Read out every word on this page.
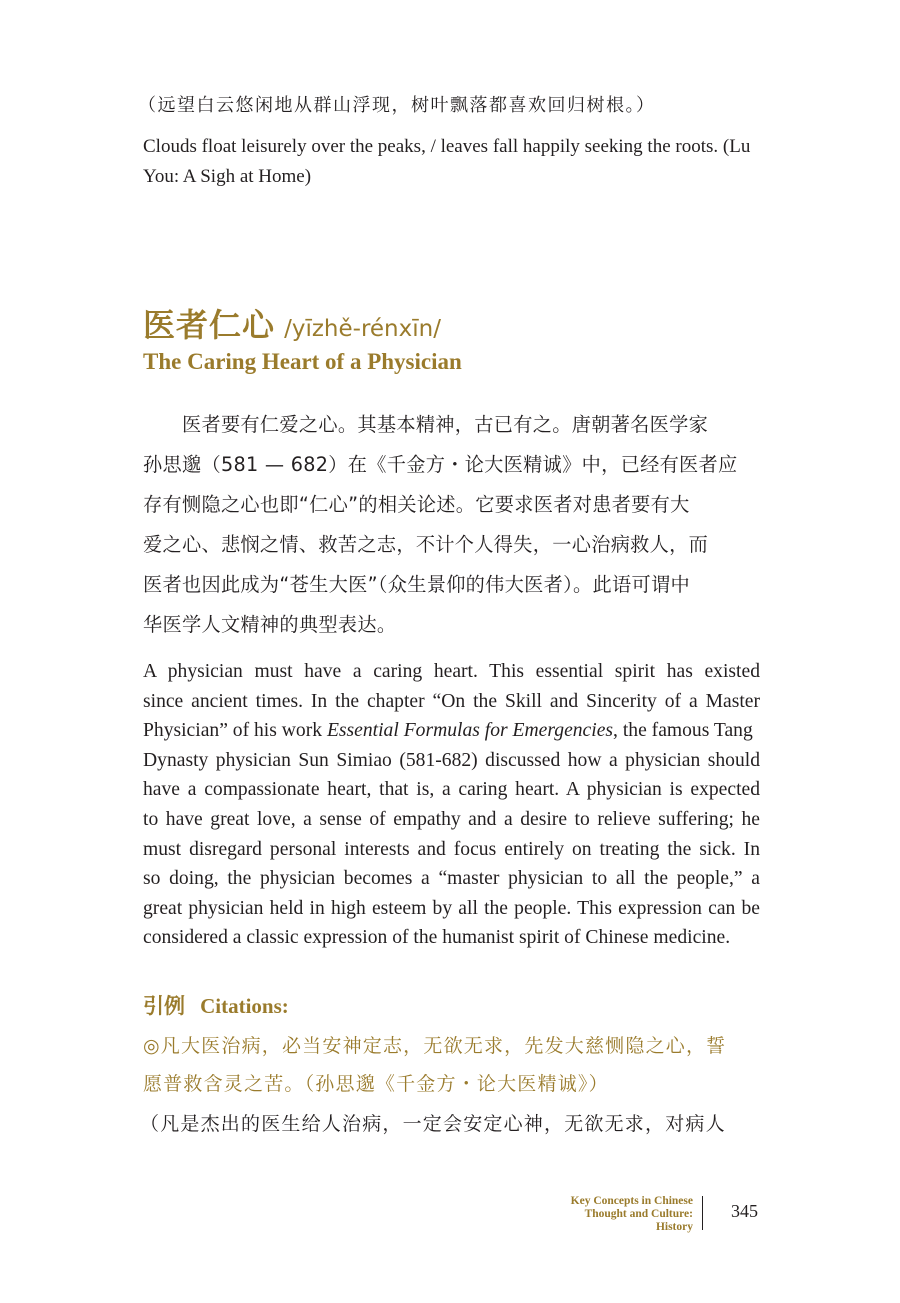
（远望白云悠闲地从群山浮现，树叶飘落都喜欢回归树根。）
Clouds float leisurely over the peaks, / leaves fall happily seeking the roots. (Lu You: A Sigh at Home)
医者仁心 /yīzhě-rénxīn/
The Caring Heart of a Physician
　　医者要有仁爱之心。其基本精神，古已有之。唐朝著名医学家
孙思邈（581 — 682）在《千金方・论大医精诚》中，已经有医者应
存有恻隐之心也即“仁心”的相关论述。它要求医者对患者要有大
爱之心、悲悯之情、救苦之志，不计个人得失，一心治病救人，而
医者也因此成为“苍生大医”（众生景仰的伟大医者）。此语可谓中
华医学人文精神的典型表达。
A physician must have a caring heart. This essential spirit has existed
since ancient times. In the chapter “On the Skill and Sincerity of a Master
Physician” of his work Essential Formulas for Emergencies, the famous Tang
Dynasty physician Sun Simiao (581-682) discussed how a physician should
have a compassionate heart, that is, a caring heart. A physician is expected
to have great love, a sense of empathy and a desire to relieve suffering; he
must disregard personal interests and focus entirely on treating the sick. In
so doing, the physician becomes a “master physician to all the people,” a
great physician held in high esteem by all the people. This expression can be
considered a classic expression of the humanist spirit of Chinese medicine.
引例 Citations:
◎凡大医治病，必当安神定志，无欲无求，先发大慈恻隐之心，誓
愿普救含灵之苦。（孙思邈《千金方・论大医精诚》）
（凡是杰出的医生给人治病，一定会安定心神，无欲无求，对病人
Key Concepts in Chinese
Thought and Culture:
History
345
